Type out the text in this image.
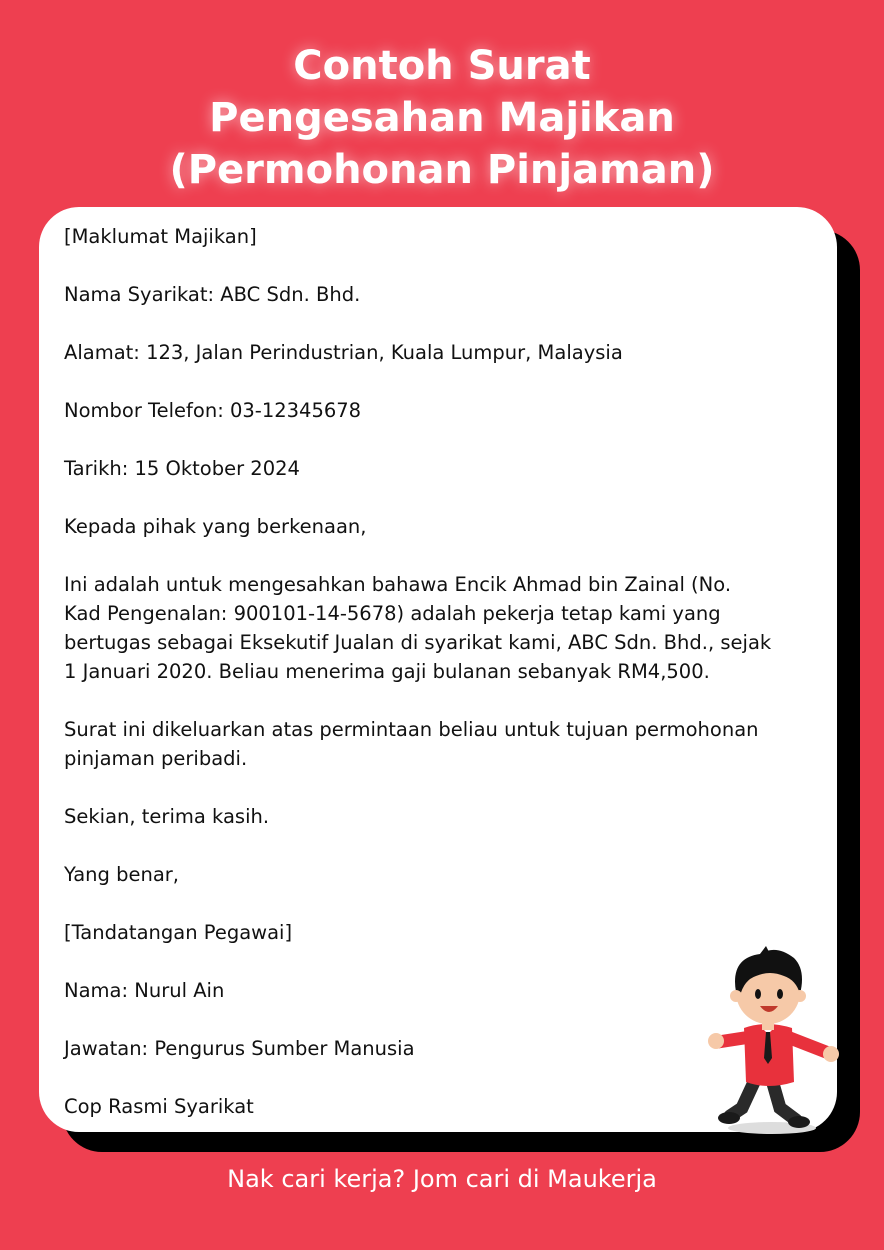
Contoh Surat
Pengesahan Majikan
(Permohonan Pinjaman)

[Maklumat Majikan]

Nama Syarikat: ABC Sdn. Bhd.

Alamat: 123, Jalan Perindustrian, Kuala Lumpur, Malaysia

Nombor Telefon: 03-12345678

Tarikh: 15 Oktober 2024

Kepada pihak yang berkenaan,

Ini adalah untuk mengesahkan bahawa Encik Ahmad bin Zainal (No.
Kad Pengenalan: 900101-14-5678) adalah pekerja tetap kami yang
bertugas sebagai Eksekutif Jualan di syarikat kami, ABC Sdn. Bhd., sejak
1 Januari 2020. Beliau menerima gaji bulanan sebanyak RM4,500.

Surat ini dikeluarkan atas permintaan beliau untuk tujuan permohonan
pinjaman peribadi.

Sekian, terima kasih.

Yang benar,

[Tandatangan Pegawai]

Nama: Nurul Ain

Jawatan: Pengurus Sumber Manusia

Cop Rasmi Syarikat

Nak cari kerja? Jom cari di Maukerja
